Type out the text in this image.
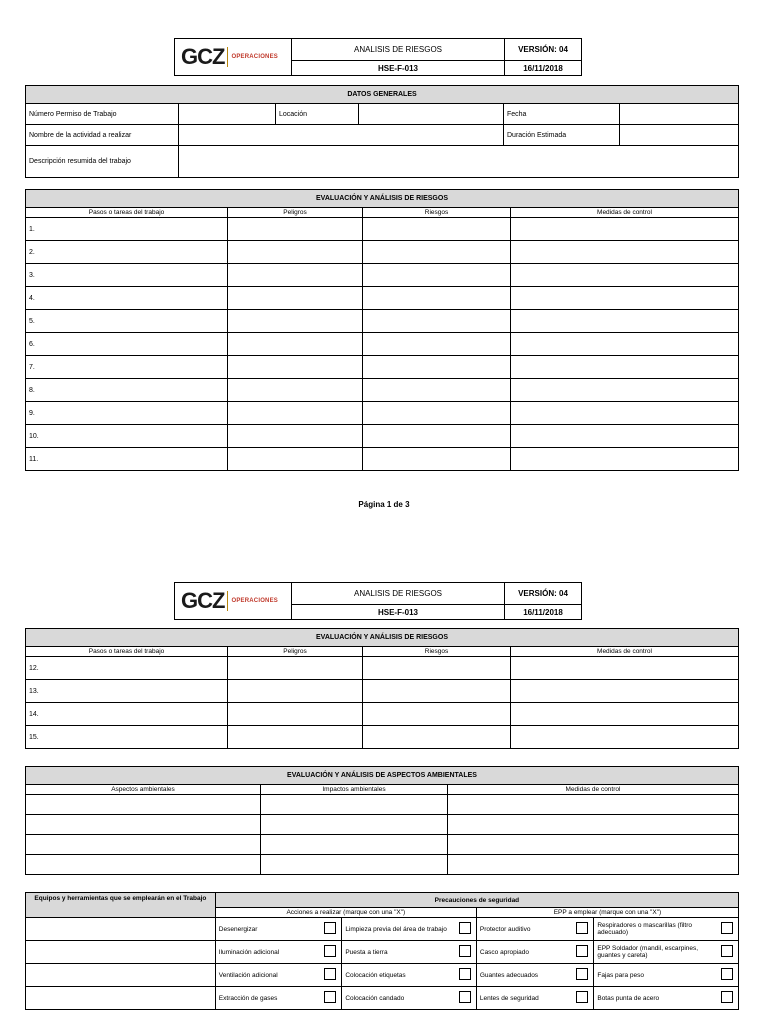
GCZ OPERACIONES	ANALISIS DE RIESGOS	VERSIÓN: 04
	HSE-F-013	16/11/2018
DATOS GENERALES					
Número Permiso de Trabajo		Locación		Fecha	
Nombre de la actividad a realizar				Duración Estimada	
Descripción resumida del trabajo					
EVALUACIÓN Y ANÁLISIS DE RIESGOS			
Pasos o tareas del trabajo	Peligros	Riesgos	Medidas de control
1.			
2.			
3.			
4.			
5.			
6.			
7.			
8.			
9.			
10.			
11.			
Página 1 de 3
GCZ OPERACIONES	ANALISIS DE RIESGOS	VERSIÓN: 04
	HSE-F-013	16/11/2018
EVALUACIÓN Y ANÁLISIS DE RIESGOS			
Pasos o tareas del trabajo	Peligros	Riesgos	Medidas de control
12.			
13.			
14.			
15.			
EVALUACIÓN Y ANÁLISIS DE ASPECTOS AMBIENTALES		
Aspectos ambientales	Impactos ambientales	Medidas de control

Equipos y herramientas que se emplearán en el Trabajo	Precauciones de seguridad							
	Acciones a realizar (marque con una "X")				EPP a emplear (marque con una "X")			
	Desenergizar		Limpieza previa del área de trabajo		Protector auditivo		Respiradores o mascarillas (filtro adecuado)	
	Iluminación adicional		Puesta a tierra		Casco apropiado		EPP Soldador (mandil, escarpines, guantes y careta)	
	Ventilación adicional		Colocación etiquetas		Guantes adecuados		Fajas para peso	
	Extracción de gases		Colocación candado		Lentes de seguridad		Botas punta de acero	
